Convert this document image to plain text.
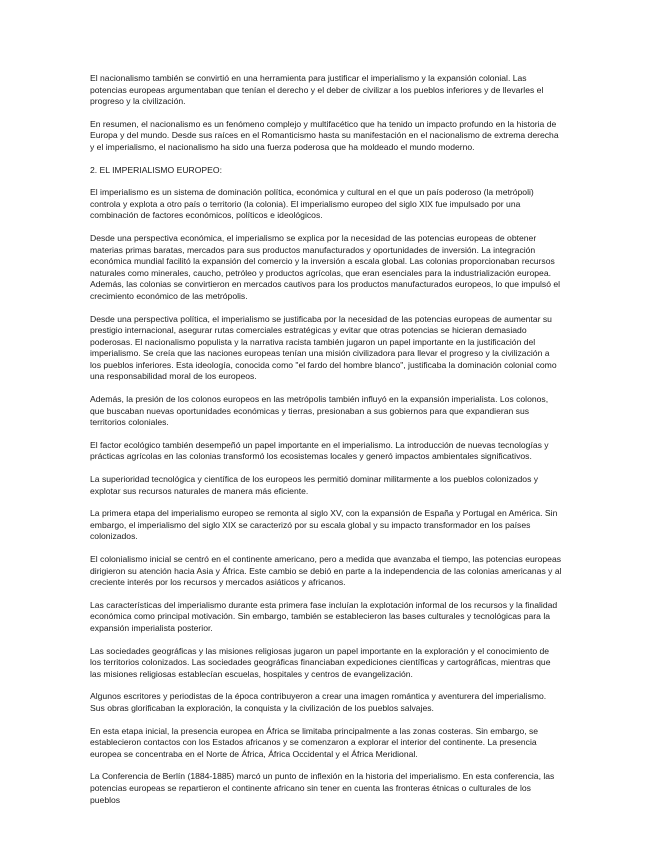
El nacionalismo también se convirtió en una herramienta para justificar el imperialismo y la expansión colonial. Las potencias europeas argumentaban que tenían el derecho y el deber de civilizar a los pueblos inferiores y de llevarles el progreso y la civilización.

En resumen, el nacionalismo es un fenómeno complejo y multifacético que ha tenido un impacto profundo en la historia de Europa y del mundo. Desde sus raíces en el Romanticismo hasta su manifestación en el nacionalismo de extrema derecha y el imperialismo, el nacionalismo ha sido una fuerza poderosa que ha moldeado el mundo moderno.

2. EL IMPERIALISMO EUROPEO:

El imperialismo es un sistema de dominación política, económica y cultural en el que un país poderoso (la metrópoli) controla y explota a otro país o territorio (la colonia). El imperialismo europeo del siglo XIX fue impulsado por una combinación de factores económicos, políticos e ideológicos.

Desde una perspectiva económica, el imperialismo se explica por la necesidad de las potencias europeas de obtener materias primas baratas, mercados para sus productos manufacturados y oportunidades de inversión. La integración económica mundial facilitó la expansión del comercio y la inversión a escala global. Las colonias proporcionaban recursos naturales como minerales, caucho, petróleo y productos agrícolas, que eran esenciales para la industrialización europea. Además, las colonias se convirtieron en mercados cautivos para los productos manufacturados europeos, lo que impulsó el crecimiento económico de las metrópolis.

Desde una perspectiva política, el imperialismo se justificaba por la necesidad de las potencias europeas de aumentar su prestigio internacional, asegurar rutas comerciales estratégicas y evitar que otras potencias se hicieran demasiado poderosas. El nacionalismo populista y la narrativa racista también jugaron un papel importante en la justificación del imperialismo. Se creía que las naciones europeas tenían una misión civilizadora para llevar el progreso y la civilización a los pueblos inferiores. Esta ideología, conocida como "el fardo del hombre blanco", justificaba la dominación colonial como una responsabilidad moral de los europeos.

Además, la presión de los colonos europeos en las metrópolis también influyó en la expansión imperialista. Los colonos, que buscaban nuevas oportunidades económicas y tierras, presionaban a sus gobiernos para que expandieran sus territorios coloniales.

El factor ecológico también desempeñó un papel importante en el imperialismo. La introducción de nuevas tecnologías y prácticas agrícolas en las colonias transformó los ecosistemas locales y generó impactos ambientales significativos.

La superioridad tecnológica y científica de los europeos les permitió dominar militarmente a los pueblos colonizados y explotar sus recursos naturales de manera más eficiente.

La primera etapa del imperialismo europeo se remonta al siglo XV, con la expansión de España y Portugal en América. Sin embargo, el imperialismo del siglo XIX se caracterizó por su escala global y su impacto transformador en los países colonizados.

El colonialismo inicial se centró en el continente americano, pero a medida que avanzaba el tiempo, las potencias europeas dirigieron su atención hacia Asia y África. Este cambio se debió en parte a la independencia de las colonias americanas y al creciente interés por los recursos y mercados asiáticos y africanos.

Las características del imperialismo durante esta primera fase incluían la explotación informal de los recursos y la finalidad económica como principal motivación. Sin embargo, también se establecieron las bases culturales y tecnológicas para la expansión imperialista posterior.

Las sociedades geográficas y las misiones religiosas jugaron un papel importante en la exploración y el conocimiento de los territorios colonizados. Las sociedades geográficas financiaban expediciones científicas y cartográficas, mientras que las misiones religiosas establecían escuelas, hospitales y centros de evangelización.

Algunos escritores y periodistas de la época contribuyeron a crear una imagen romántica y aventurera del imperialismo. Sus obras glorificaban la exploración, la conquista y la civilización de los pueblos salvajes.

En esta etapa inicial, la presencia europea en África se limitaba principalmente a las zonas costeras. Sin embargo, se establecieron contactos con los Estados africanos y se comenzaron a explorar el interior del continente. La presencia europea se concentraba en el Norte de África, África Occidental y el África Meridional.

La Conferencia de Berlín (1884-1885) marcó un punto de inflexión en la historia del imperialismo. En esta conferencia, las potencias europeas se repartieron el continente africano sin tener en cuenta las fronteras étnicas o culturales de los pueblos
